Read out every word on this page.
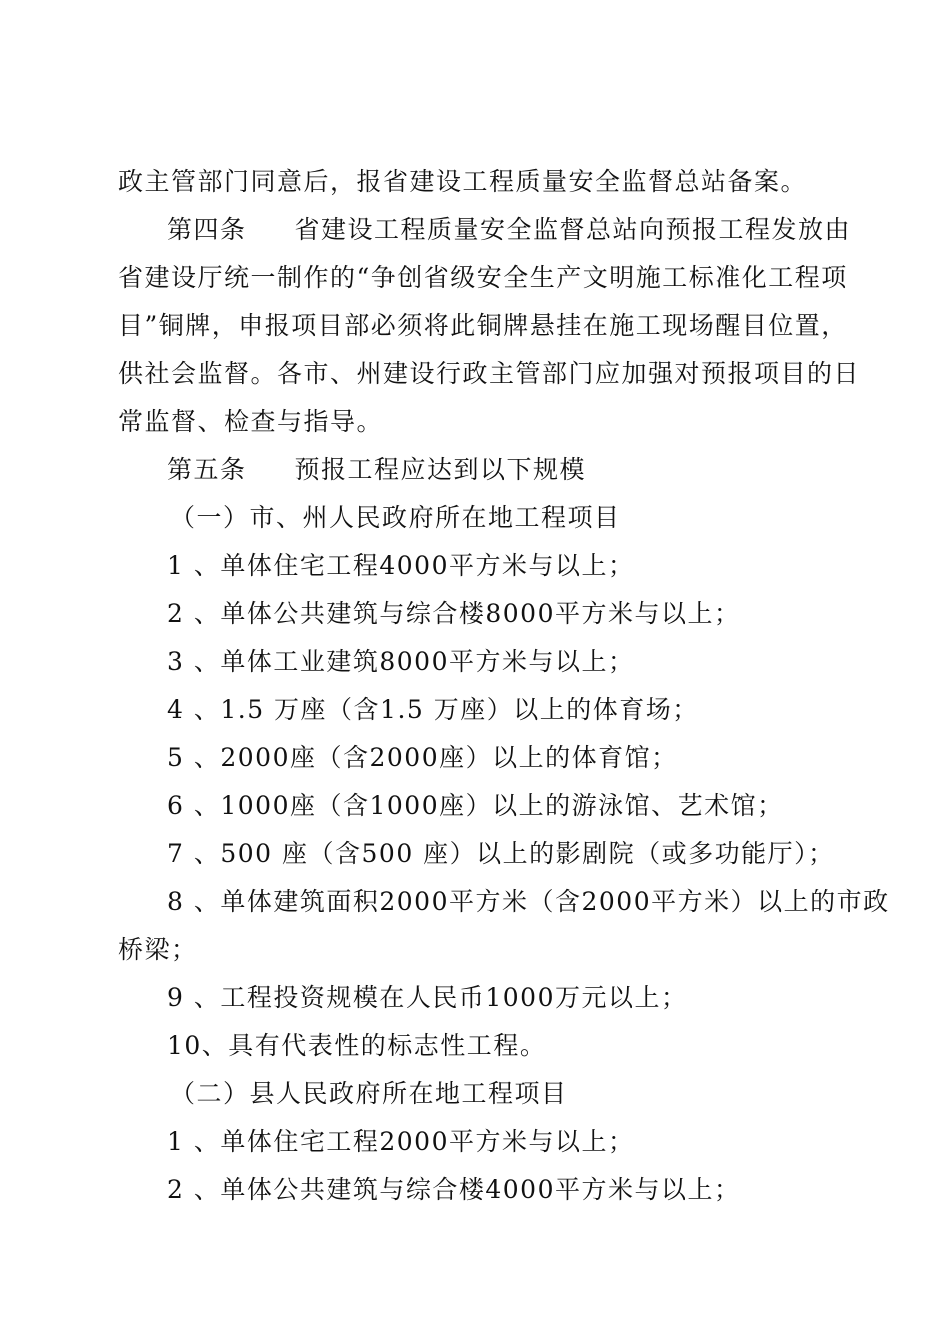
政主管部门同意后，报省建设工程质量安全监督总站备案。
第四条 省建设工程质量安全监督总站向预报工程发放由
省建设厅统一制作的“争创省级安全生产文明施工标准化工程项
目”铜牌，申报项目部必须将此铜牌悬挂在施工现场醒目位置，
供社会监督。各市、州建设行政主管部门应加强对预报项目的日
常监督、检查与指导。
第五条 预报工程应达到以下规模
（一）市、州人民政府所在地工程项目
1 、单体住宅工程4000平方米与以上；
2 、单体公共建筑与综合楼8000平方米与以上；
3 、单体工业建筑8000平方米与以上；
4 、1.5 万座（含1.5 万座）以上的体育场；
5 、2000座（含2000座）以上的体育馆；
6 、1000座（含1000座）以上的游泳馆、艺术馆；
7 、500 座（含500 座）以上的影剧院（或多功能厅）；
8 、单体建筑面积2000平方米（含2000平方米）以上的市政
桥梁；
9 、工程投资规模在人民币1000万元以上；
10、具有代表性的标志性工程。
（二）县人民政府所在地工程项目
1 、单体住宅工程2000平方米与以上；
2 、单体公共建筑与综合楼4000平方米与以上；
